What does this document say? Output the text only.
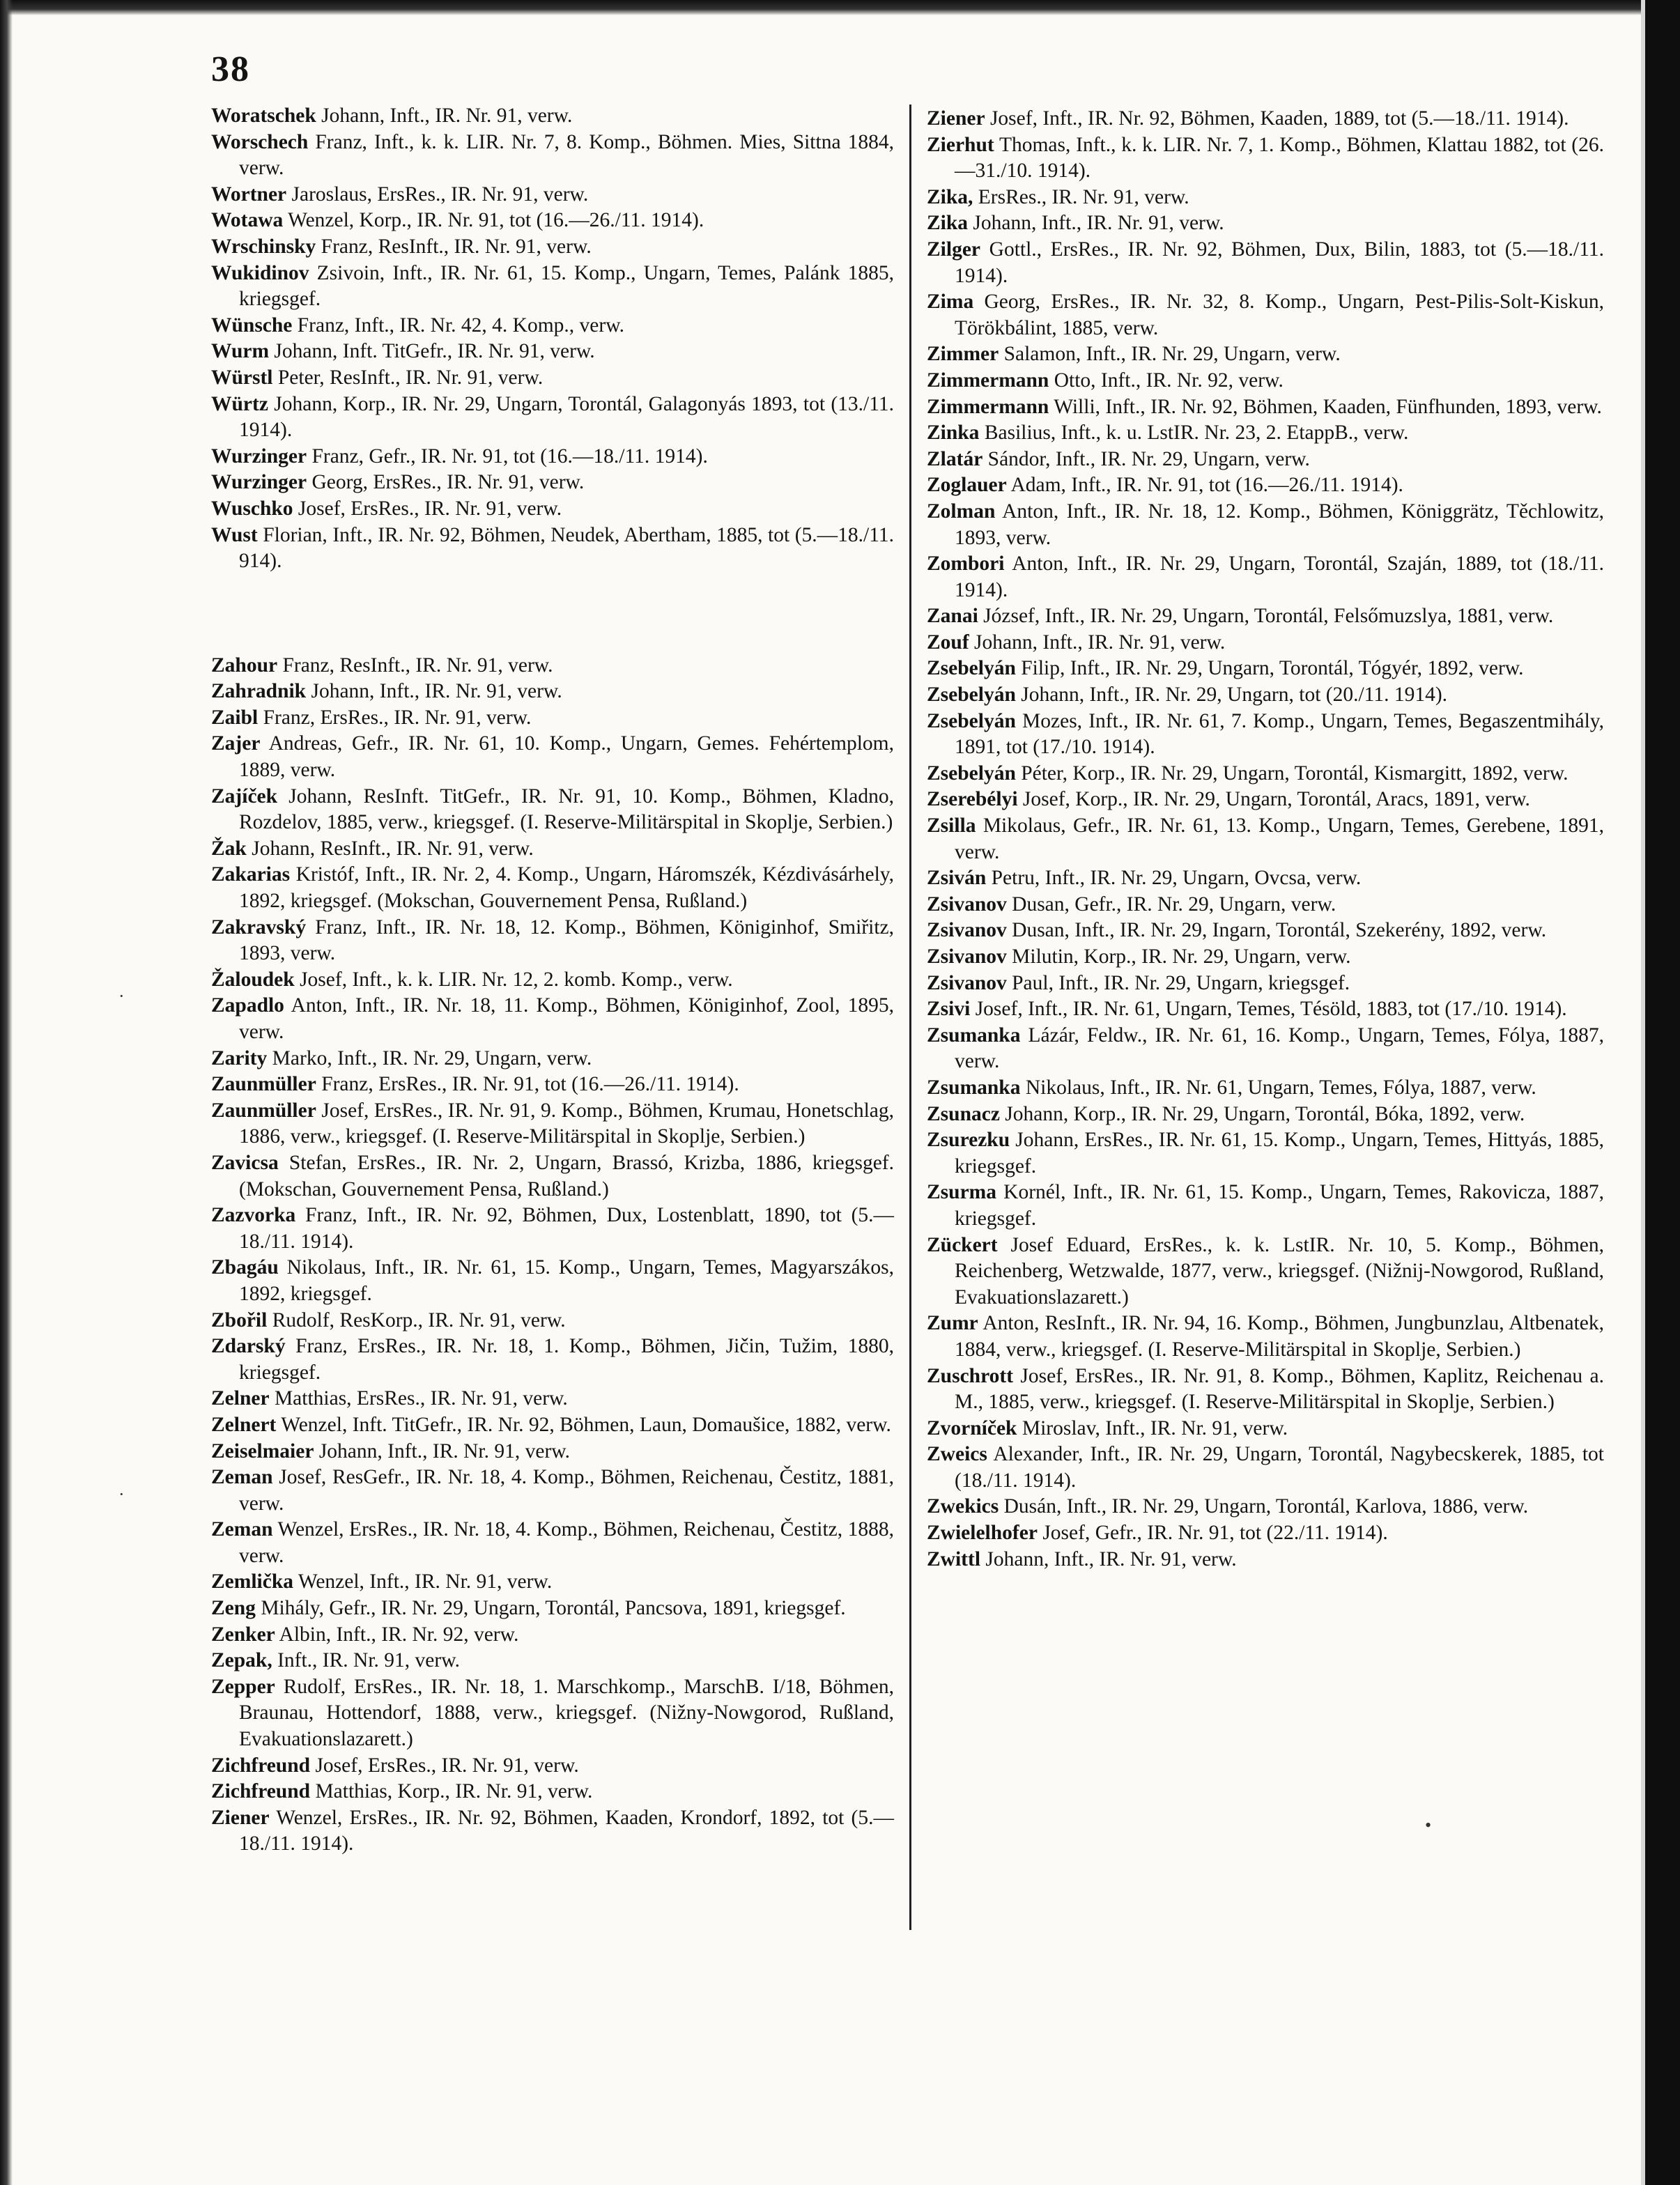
38

Woratschek Johann, Inft., IR. Nr. 91, verw.

Worschech Franz, Inft., k. k. LIR. Nr. 7, 8. Komp., Böhmen. Mies, Sittna 1884, verw.

Wortner Jaroslaus, ErsRes., IR. Nr. 91, verw.

Wotawa Wenzel, Korp., IR. Nr. 91, tot (16.—26./11. 1914).

Wrschinsky Franz, ResInft., IR. Nr. 91, verw.

Wukidinov Zsivoin, Inft., IR. Nr. 61, 15. Komp., Ungarn, Temes, Palánk 1885, kriegsgef.

Wünsche Franz, Inft., IR. Nr. 42, 4. Komp., verw.

Wurm Johann, Inft. TitGefr., IR. Nr. 91, verw.

Würstl Peter, ResInft., IR. Nr. 91, verw.

Würtz Johann, Korp., IR. Nr. 29, Ungarn, Torontál, Galagonyás 1893, tot (13./11. 1914).

Wurzinger Franz, Gefr., IR. Nr. 91, tot (16.—18./11. 1914).

Wurzinger Georg, ErsRes., IR. Nr. 91, verw.

Wuschko Josef, ErsRes., IR. Nr. 91, verw.

Wust Florian, Inft., IR. Nr. 92, Böhmen, Neudek, Abertham, 1885, tot (5.—18./11. 914).

Zahour Franz, ResInft., IR. Nr. 91, verw.

Zahradnik Johann, Inft., IR. Nr. 91, verw.

Zaibl Franz, ErsRes., IR. Nr. 91, verw.

Zajer Andreas, Gefr., IR. Nr. 61, 10. Komp., Ungarn, Gemes. Fehértemplom, 1889, verw.

Zajíček Johann, ResInft. TitGefr., IR. Nr. 91, 10. Komp., Böhmen, Kladno, Rozdelov, 1885, verw., kriegsgef. (I. Reserve-Militärspital in Skoplje, Serbien.)

Žak Johann, ResInft., IR. Nr. 91, verw.

Zakarias Kristóf, Inft., IR. Nr. 2, 4. Komp., Ungarn, Háromszék, Kézdivásárhely, 1892, kriegsgef. (Mokschan, Gouvernement Pensa, Rußland.)

Zakravský Franz, Inft., IR. Nr. 18, 12. Komp., Böhmen, Königinhof, Smiřitz, 1893, verw.

Žaloudek Josef, Inft., k. k. LIR. Nr. 12, 2. komb. Komp., verw.

Zapadlo Anton, Inft., IR. Nr. 18, 11. Komp., Böhmen, Königinhof, Zool, 1895, verw.

Zarity Marko, Inft., IR. Nr. 29, Ungarn, verw.

Zaunmüller Franz, ErsRes., IR. Nr. 91, tot (16.—26./11. 1914).

Zaunmüller Josef, ErsRes., IR. Nr. 91, 9. Komp., Böhmen, Krumau, Honetschlag, 1886, verw., kriegsgef. (I. Reserve-Militärspital in Skoplje, Serbien.)

Zavicsa Stefan, ErsRes., IR. Nr. 2, Ungarn, Brassó, Krizba, 1886, kriegsgef. (Mokschan, Gouvernement Pensa, Rußland.)

Zazvorka Franz, Inft., IR. Nr. 92, Böhmen, Dux, Lostenblatt, 1890, tot (5.—18./11. 1914).

Zbagáu Nikolaus, Inft., IR. Nr. 61, 15. Komp., Ungarn, Temes, Magyarszákos, 1892, kriegsgef.

Zbořil Rudolf, ResKorp., IR. Nr. 91, verw.

Zdarský Franz, ErsRes., IR. Nr. 18, 1. Komp., Böhmen, Jičin, Tužim, 1880, kriegsgef.

Zelner Matthias, ErsRes., IR. Nr. 91, verw.

Zelnert Wenzel, Inft. TitGefr., IR. Nr. 92, Böhmen, Laun, Domaušice, 1882, verw.

Zeiselmaier Johann, Inft., IR. Nr. 91, verw.

Zeman Josef, ResGefr., IR. Nr. 18, 4. Komp., Böhmen, Reichenau, Čestitz, 1881, verw.

Zeman Wenzel, ErsRes., IR. Nr. 18, 4. Komp., Böhmen, Reichenau, Čestitz, 1888, verw.

Zemlička Wenzel, Inft., IR. Nr. 91, verw.

Zeng Mihály, Gefr., IR. Nr. 29, Ungarn, Torontál, Pancsova, 1891, kriegsgef.

Zenker Albin, Inft., IR. Nr. 92, verw.

Zepak, Inft., IR. Nr. 91, verw.

Zepper Rudolf, ErsRes., IR. Nr. 18, 1. Marschkomp., MarschB. I/18, Böhmen, Braunau, Hottendorf, 1888, verw., kriegsgef. (Nižny-Nowgorod, Rußland, Evakuationslazarett.)

Zichfreund Josef, ErsRes., IR. Nr. 91, verw.

Zichfreund Matthias, Korp., IR. Nr. 91, verw.

Ziener Wenzel, ErsRes., IR. Nr. 92, Böhmen, Kaaden, Krondorf, 1892, tot (5.—18./11. 1914).

Ziener Josef, Inft., IR. Nr. 92, Böhmen, Kaaden, 1889, tot (5.—18./11. 1914).

Zierhut Thomas, Inft., k. k. LIR. Nr. 7, 1. Komp., Böhmen, Klattau 1882, tot (26.—31./10. 1914).

Zika, ErsRes., IR. Nr. 91, verw.

Zika Johann, Inft., IR. Nr. 91, verw.

Zilger Gottl., ErsRes., IR. Nr. 92, Böhmen, Dux, Bilin, 1883, tot (5.—18./11. 1914).

Zima Georg, ErsRes., IR. Nr. 32, 8. Komp., Ungarn, Pest-Pilis-Solt-Kiskun, Törökbálint, 1885, verw.

Zimmer Salamon, Inft., IR. Nr. 29, Ungarn, verw.

Zimmermann Otto, Inft., IR. Nr. 92, verw.

Zimmermann Willi, Inft., IR. Nr. 92, Böhmen, Kaaden, Fünfhunden, 1893, verw.

Zinka Basilius, Inft., k. u. LstIR. Nr. 23, 2. EtappB., verw.

Zlatár Sándor, Inft., IR. Nr. 29, Ungarn, verw.

Zoglauer Adam, Inft., IR. Nr. 91, tot (16.—26./11. 1914).

Zolman Anton, Inft., IR. Nr. 18, 12. Komp., Böhmen, Königgrätz, Těchlowitz, 1893, verw.

Zombori Anton, Inft., IR. Nr. 29, Ungarn, Torontál, Szaján, 1889, tot (18./11. 1914).

Zanai József, Inft., IR. Nr. 29, Ungarn, Torontál, Felsőmuzslya, 1881, verw.

Zouf Johann, Inft., IR. Nr. 91, verw.

Zsebelyán Filip, Inft., IR. Nr. 29, Ungarn, Torontál, Tógyér, 1892, verw.

Zsebelyán Johann, Inft., IR. Nr. 29, Ungarn, tot (20./11. 1914).

Zsebelyán Mozes, Inft., IR. Nr. 61, 7. Komp., Ungarn, Temes, Begaszentmihály, 1891, tot (17./10. 1914).

Zsebelyán Péter, Korp., IR. Nr. 29, Ungarn, Torontál, Kismargitt, 1892, verw.

Zserebélyi Josef, Korp., IR. Nr. 29, Ungarn, Torontál, Aracs, 1891, verw.

Zsilla Mikolaus, Gefr., IR. Nr. 61, 13. Komp., Ungarn, Temes, Gerebene, 1891, verw.

Zsiván Petru, Inft., IR. Nr. 29, Ungarn, Ovcsa, verw.

Zsivanov Dusan, Gefr., IR. Nr. 29, Ungarn, verw.

Zsivanov Dusan, Inft., IR. Nr. 29, Ingarn, Torontál, Szekerény, 1892, verw.

Zsivanov Milutin, Korp., IR. Nr. 29, Ungarn, verw.

Zsivanov Paul, Inft., IR. Nr. 29, Ungarn, kriegsgef.

Zsivi Josef, Inft., IR. Nr. 61, Ungarn, Temes, Tésöld, 1883, tot (17./10. 1914).

Zsumanka Lázár, Feldw., IR. Nr. 61, 16. Komp., Ungarn, Temes, Fólya, 1887, verw.

Zsumanka Nikolaus, Inft., IR. Nr. 61, Ungarn, Temes, Fólya, 1887, verw.

Zsunacz Johann, Korp., IR. Nr. 29, Ungarn, Torontál, Bóka, 1892, verw.

Zsurezku Johann, ErsRes., IR. Nr. 61, 15. Komp., Ungarn, Temes, Hittyás, 1885, kriegsgef.

Zsurma Kornél, Inft., IR. Nr. 61, 15. Komp., Ungarn, Temes, Rakovicza, 1887, kriegsgef.

Zückert Josef Eduard, ErsRes., k. k. LstIR. Nr. 10, 5. Komp., Böhmen, Reichenberg, Wetzwalde, 1877, verw., kriegsgef. (Nižnij-Nowgorod, Rußland, Evakuationslazarett.)

Zumr Anton, ResInft., IR. Nr. 94, 16. Komp., Böhmen, Jungbunzlau, Altbenatek, 1884, verw., kriegsgef. (I. Reserve-Militärspital in Skoplje, Serbien.)

Zuschrott Josef, ErsRes., IR. Nr. 91, 8. Komp., Böhmen, Kaplitz, Reichenau a. M., 1885, verw., kriegsgef. (I. Reserve-Militärspital in Skoplje, Serbien.)

Zvorníček Miroslav, Inft., IR. Nr. 91, verw.

Zweics Alexander, Inft., IR. Nr. 29, Ungarn, Torontál, Nagybecskerek, 1885, tot (18./11. 1914).

Zwekics Dusán, Inft., IR. Nr. 29, Ungarn, Torontál, Karlova, 1886, verw.

Zwielelhofer Josef, Gefr., IR. Nr. 91, tot (22./11. 1914).

Zwittl Johann, Inft., IR. Nr. 91, verw.

·
·
•
